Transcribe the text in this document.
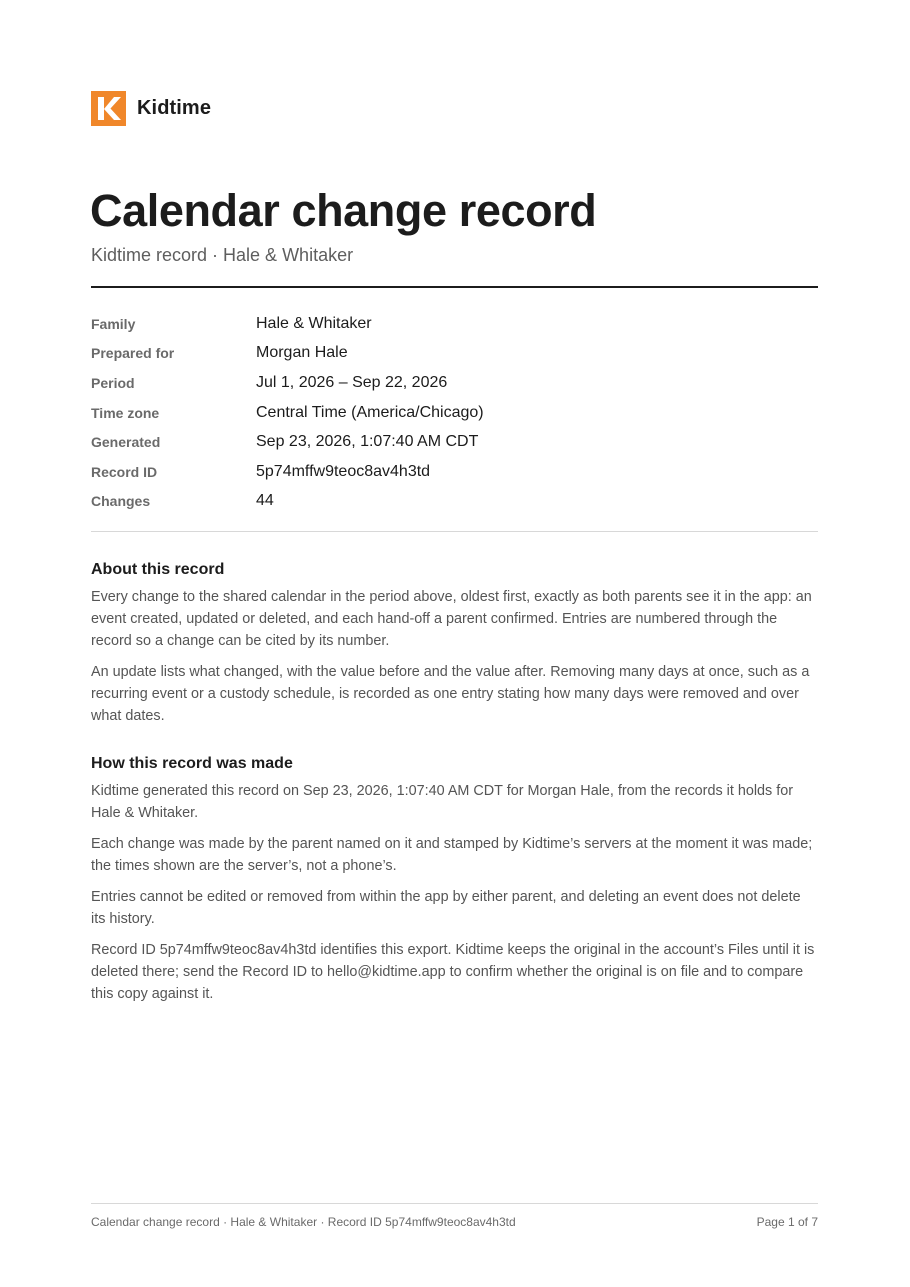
Kidtime
Calendar change record
Kidtime record · Hale & Whitaker
Family	Hale & Whitaker
Prepared for	Morgan Hale
Period	Jul 1, 2026 – Sep 22, 2026
Time zone	Central Time (America/Chicago)
Generated	Sep 23, 2026, 1:07:40 AM CDT
Record ID	5p74mffw9teoc8av4h3td
Changes	44
About this record

Every change to the shared calendar in the period above, oldest first, exactly as both parents see it in the app: an event created, updated or deleted, and each hand-off a parent confirmed. Entries are numbered through the record so a change can be cited by its number.

An update lists what changed, with the value before and the value after. Removing many days at once, such as a recurring event or a custody schedule, is recorded as one entry stating how many days were removed and over what dates.

How this record was made

Kidtime generated this record on Sep 23, 2026, 1:07:40 AM CDT for Morgan Hale, from the records it holds for Hale & Whitaker.

Each change was made by the parent named on it and stamped by Kidtime’s servers at the moment it was made; the times shown are the server’s, not a phone’s.

Entries cannot be edited or removed from within the app by either parent, and deleting an event does not delete its history.

Record ID 5p74mffw9teoc8av4h3td identifies this export. Kidtime keeps the original in the account’s Files until it is deleted there; send the Record ID to hello@kidtime.app to confirm whether the original is on file and to compare this copy against it.

Calendar change record · Hale & Whitaker · Record ID 5p74mffw9teoc8av4h3td	Page 1 of 7
